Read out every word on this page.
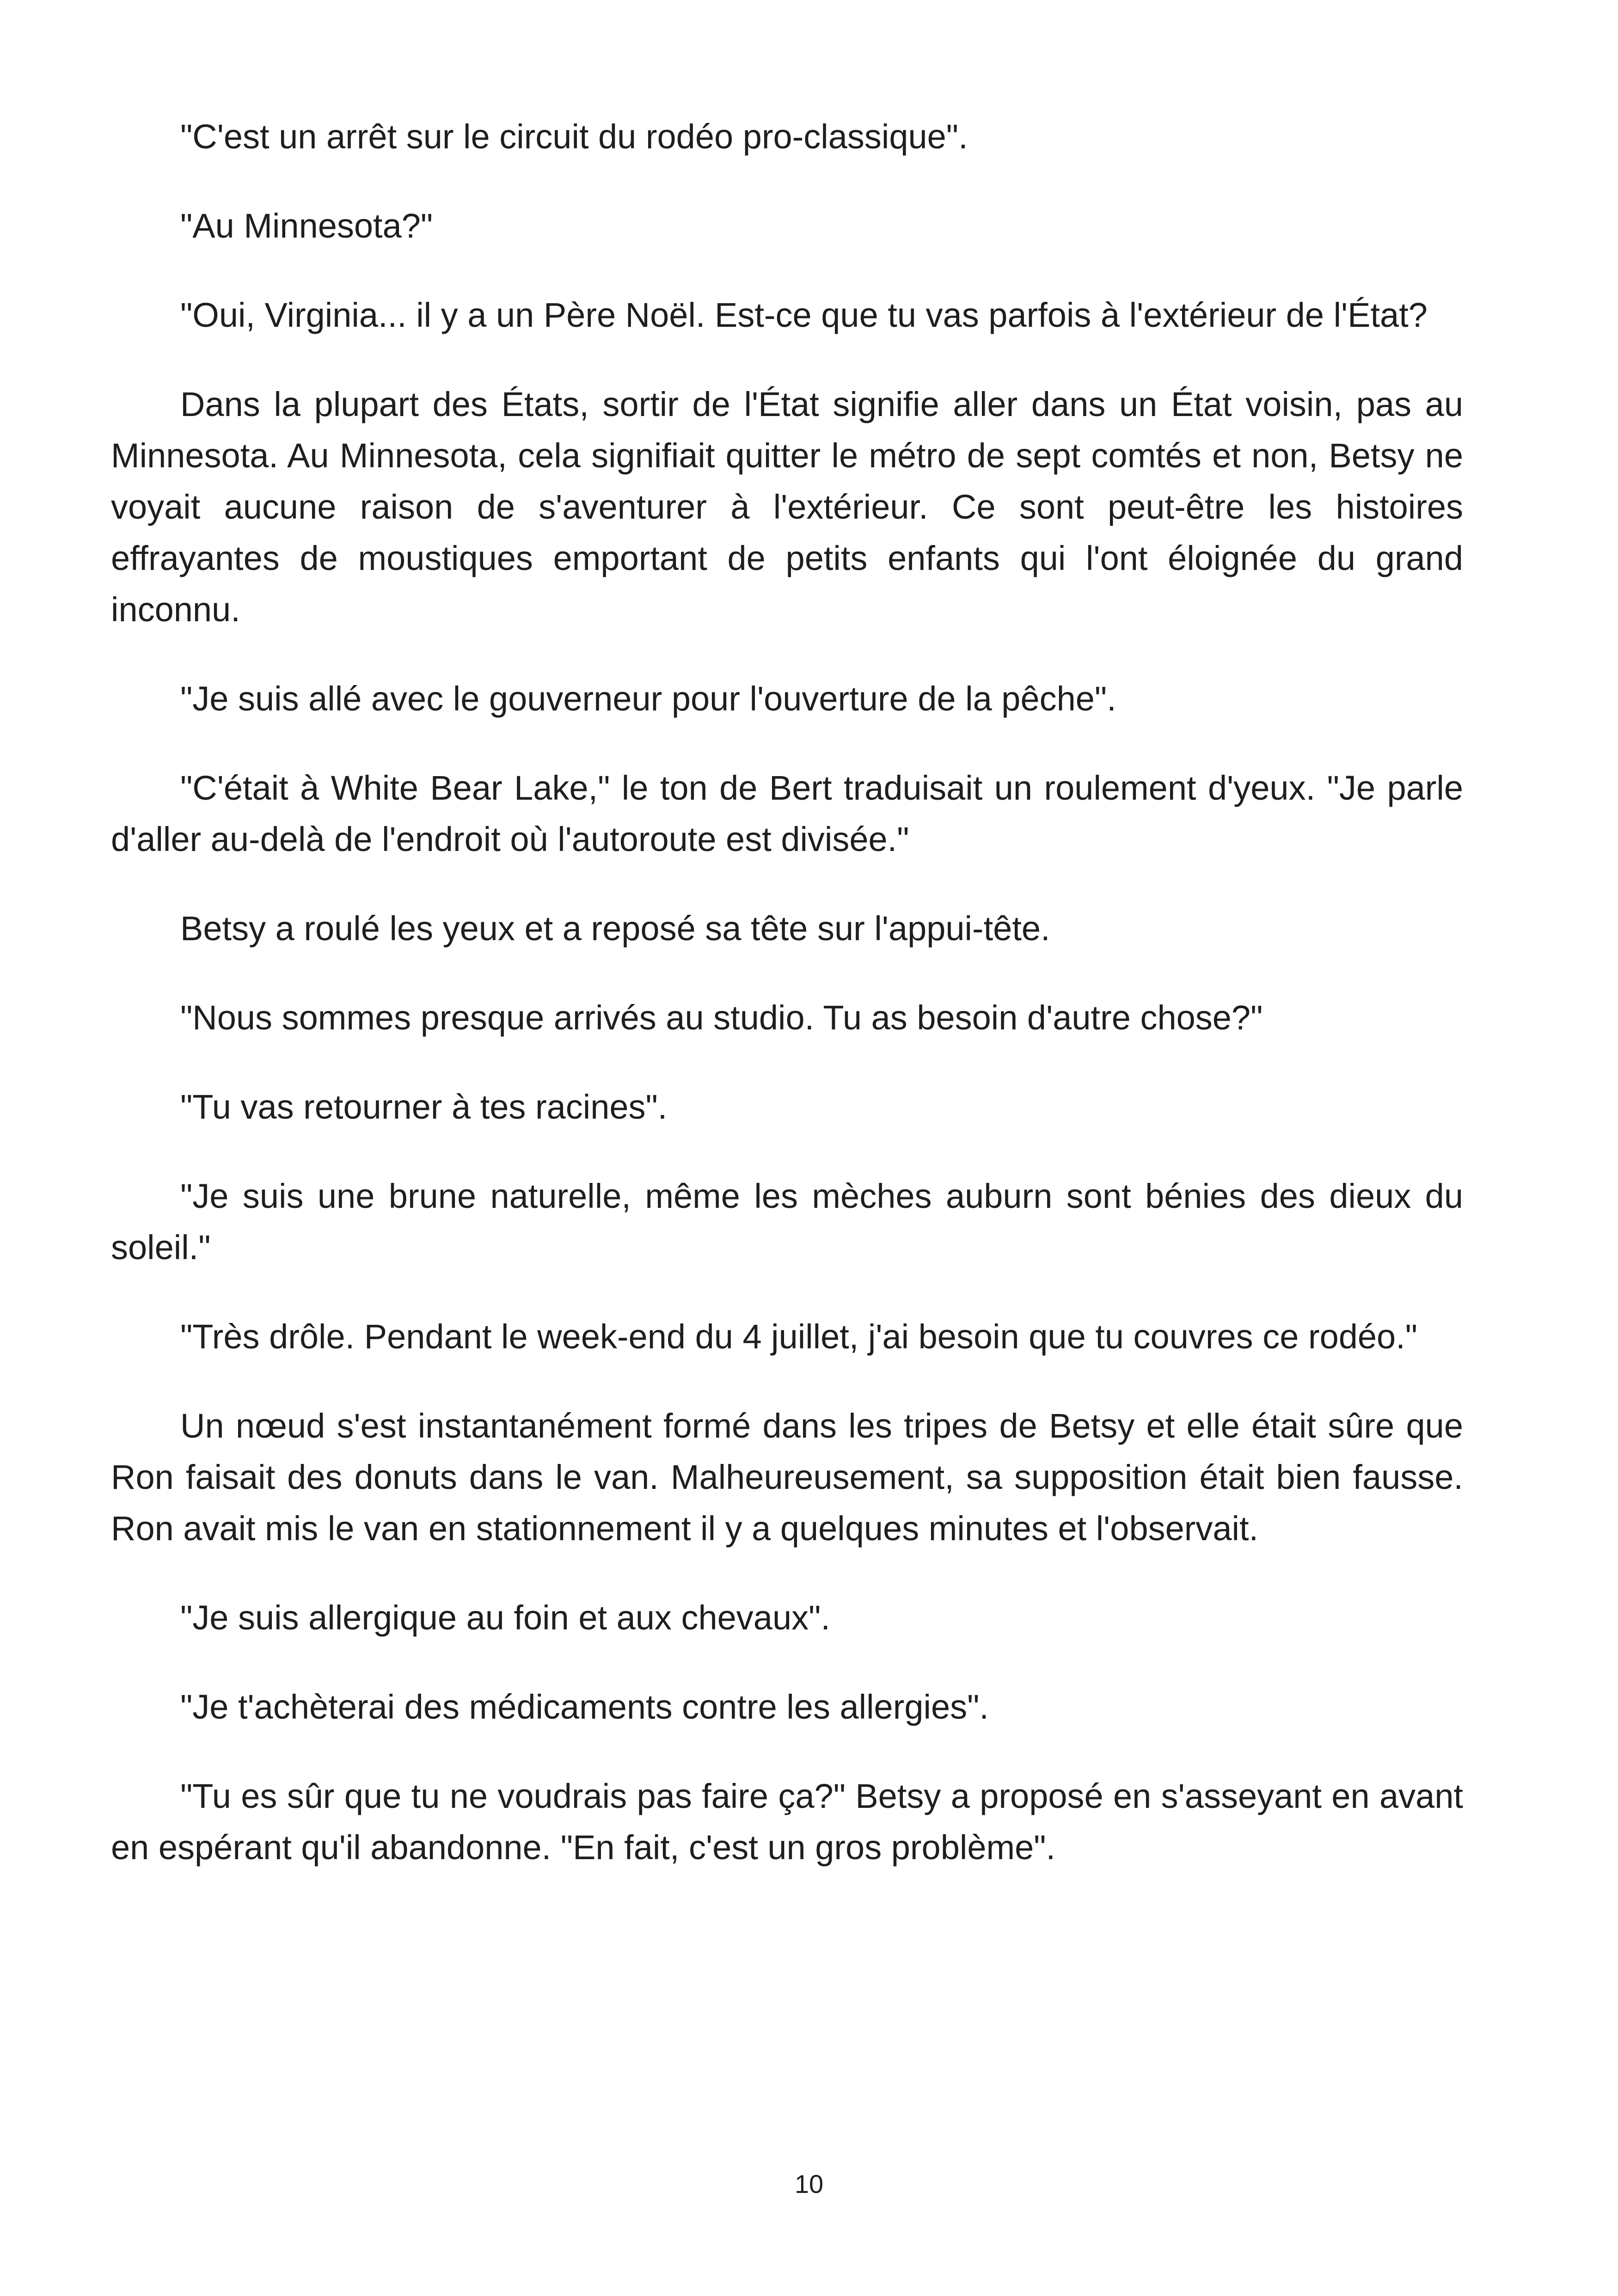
"C'est un arrêt sur le circuit du rodéo pro-classique".

"Au Minnesota?"

"Oui, Virginia... il y a un Père Noël. Est-ce que tu vas parfois à l'extérieur de l'État?

Dans la plupart des États, sortir de l'État signifie aller dans un État voisin, pas au Minnesota. Au Minnesota, cela signifiait quitter le métro de sept comtés et non, Betsy ne voyait aucune raison de s'aventurer à l'extérieur. Ce sont peut-être les histoires effrayantes de moustiques emportant de petits enfants qui l'ont éloignée du grand inconnu.

"Je suis allé avec le gouverneur pour l'ouverture de la pêche".

"C'était à White Bear Lake," le ton de Bert traduisait un roulement d'yeux. "Je parle d'aller au-delà de l'endroit où l'autoroute est divisée."

Betsy a roulé les yeux et a reposé sa tête sur l'appui-tête.

"Nous sommes presque arrivés au studio. Tu as besoin d'autre chose?"

"Tu vas retourner à tes racines".

"Je suis une brune naturelle, même les mèches auburn sont bénies des dieux du soleil."

"Très drôle. Pendant le week-end du 4 juillet, j'ai besoin que tu couvres ce rodéo."

Un nœud s'est instantanément formé dans les tripes de Betsy et elle était sûre que Ron faisait des donuts dans le van. Malheureusement, sa supposition était bien fausse. Ron avait mis le van en stationnement il y a quelques minutes et l'observait.

"Je suis allergique au foin et aux chevaux".

"Je t'achèterai des médicaments contre les allergies".

"Tu es sûr que tu ne voudrais pas faire ça?" Betsy a proposé en s'asseyant en avant en espérant qu'il abandonne. "En fait, c'est un gros problème".

10
